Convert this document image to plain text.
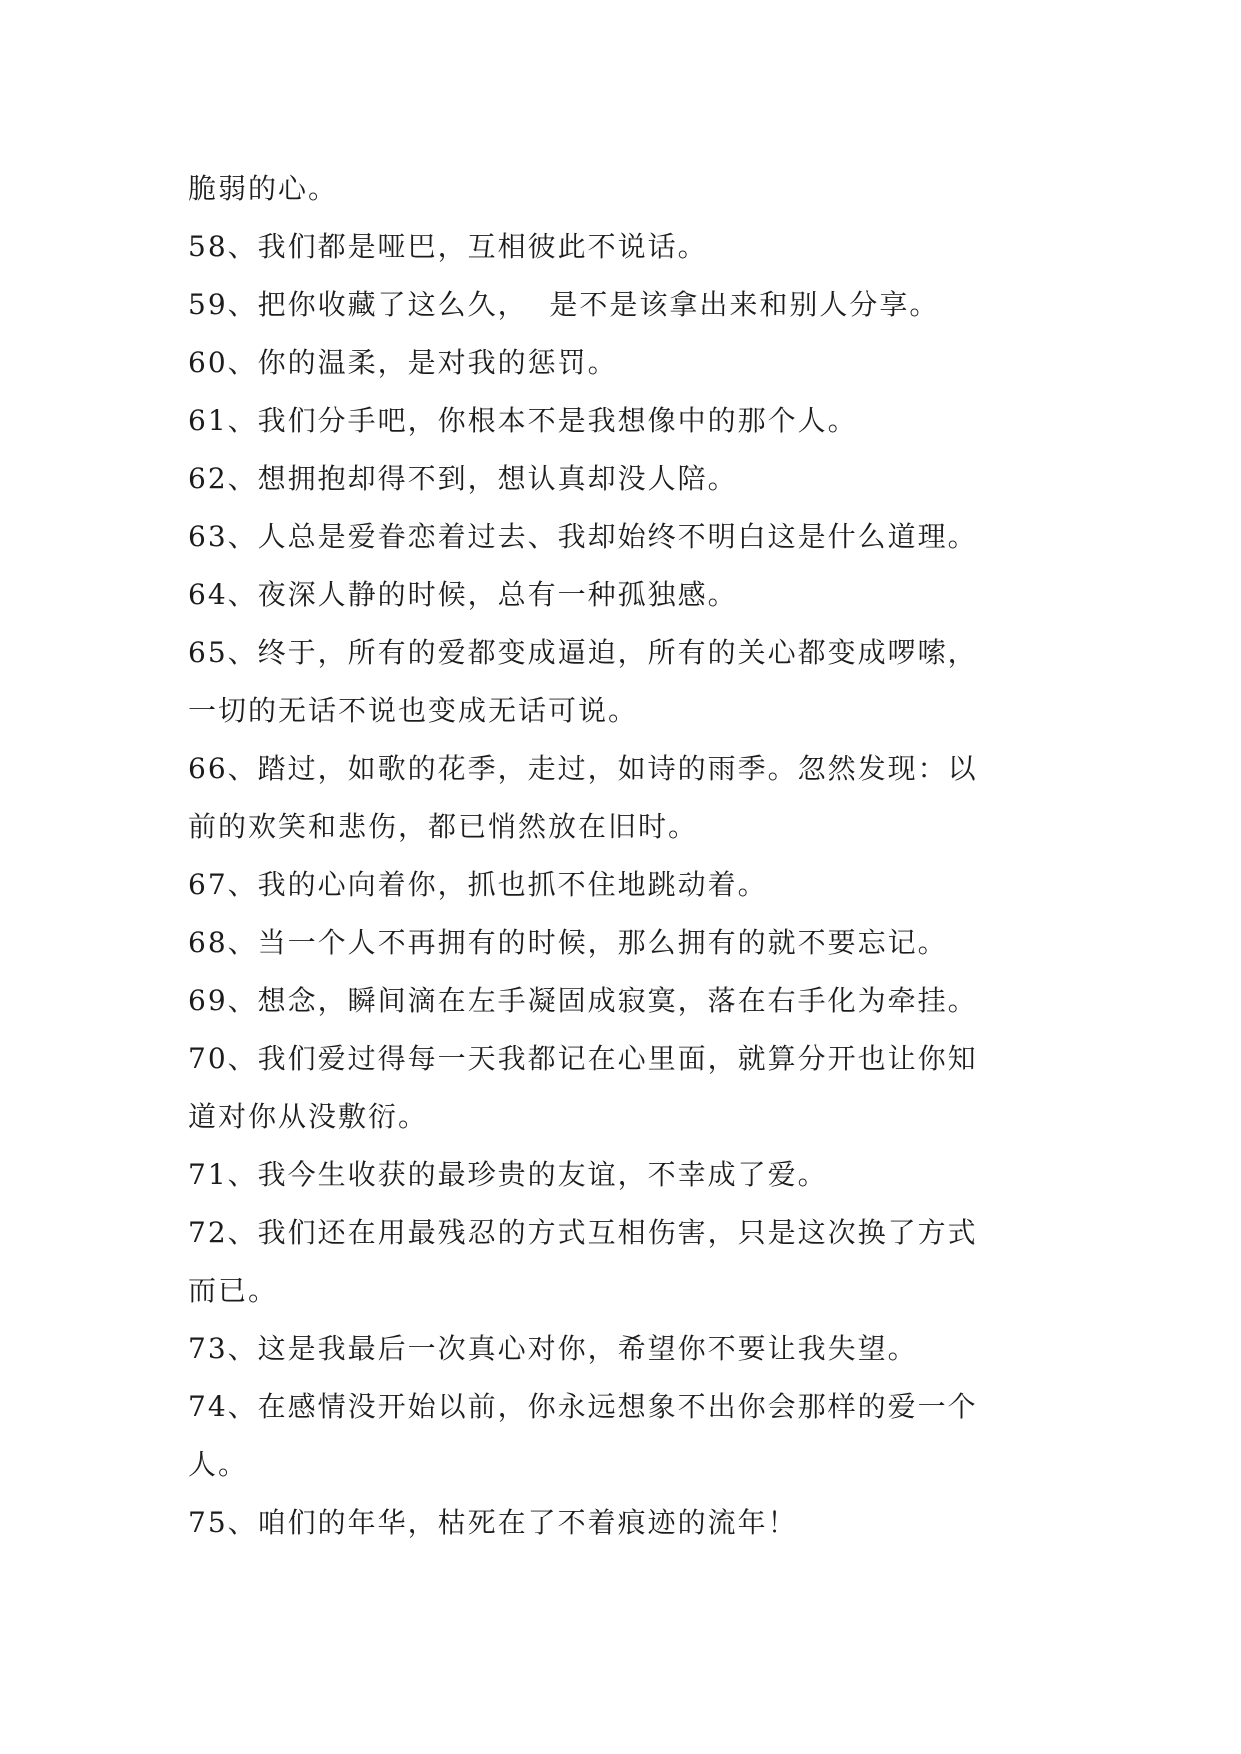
脆弱的心。

58、我们都是哑巴，互相彼此不说话。

59、把你收藏了这么久，  是不是该拿出来和别人分享。

60、你的温柔，是对我的惩罚。

61、我们分手吧，你根本不是我想像中的那个人。

62、想拥抱却得不到，想认真却没人陪。

63、人总是爱眷恋着过去、我却始终不明白这是什么道理。

64、夜深人静的时候，总有一种孤独感。

65、终于，所有的爱都变成逼迫，所有的关心都变成啰嗦，

一切的无话不说也变成无话可说。

66、踏过，如歌的花季，走过，如诗的雨季。忽然发现：以

前的欢笑和悲伤，都已悄然放在旧时。

67、我的心向着你，抓也抓不住地跳动着。

68、当一个人不再拥有的时候，那么拥有的就不要忘记。

69、想念，瞬间滴在左手凝固成寂寞，落在右手化为牵挂。

70、我们爱过得每一天我都记在心里面，就算分开也让你知

道对你从没敷衍。

71、我今生收获的最珍贵的友谊，不幸成了爱。

72、我们还在用最残忍的方式互相伤害，只是这次换了方式

而已。

73、这是我最后一次真心对你，希望你不要让我失望。

74、在感情没开始以前，你永远想象不出你会那样的爱一个

人。

75、咱们的年华，枯死在了不着痕迹的流年！
